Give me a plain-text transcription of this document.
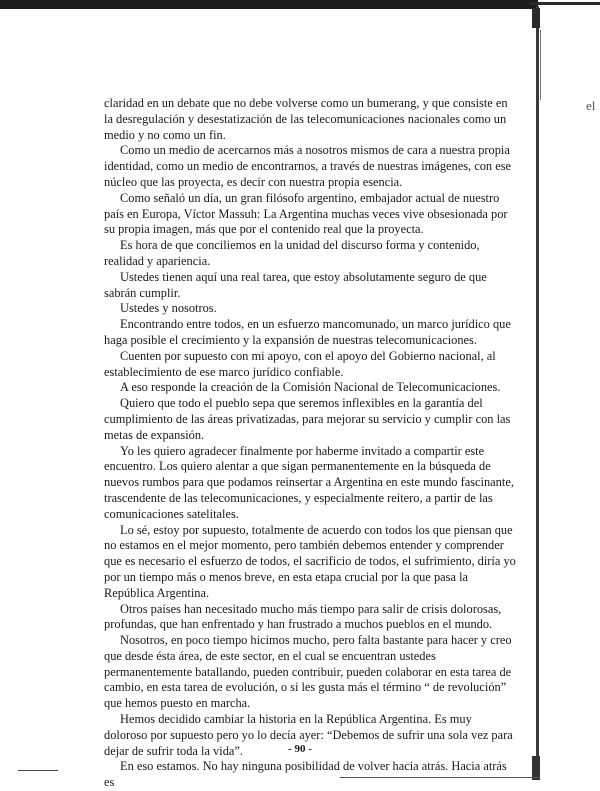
el

claridad en un debate que no debe volverse como un bumerang, y que consiste en la desregulación y desestatización de las telecomunicaciones nacionales como un medio y no como un fin.

Como un medio de acercarnos más a nosotros mismos de cara a nuestra propia identidad, como un medio de encontrarnos, a través de nuestras imágenes, con ese núcleo que las proyecta, es decir con nuestra propia esencia.

Como señaló un día, un gran filósofo argentino, embajador actual de nuestro país en Europa, Víctor Massuh: La Argentina muchas veces vive obsesionada por su propia imagen, más que por el contenido real que la proyecta.

Es hora de que conciliemos en la unidad del discurso forma y contenido, realidad y apariencia.

Ustedes tienen aquí una real tarea, que estoy absolutamente seguro de que sabrán cumplir.

Ustedes y nosotros.

Encontrando entre todos, en un esfuerzo mancomunado, un marco jurídico que haga posible el crecimiento y la expansión de nuestras telecomunicaciones.

Cuenten por supuesto con mi apoyo, con el apoyo del Gobierno nacional, al establecimiento de ese marco jurídico confiable.

A eso responde la creación de la Comisión Nacional de Telecomunicaciones.

Quiero que todo el pueblo sepa que seremos inflexibles en la garantía del cumplimiento de las áreas privatizadas, para mejorar su servicio y cumplir con las metas de expansión.

Yo les quiero agradecer finalmente por haberme invitado a compartir este encuentro. Los quiero alentar a que sigan permanentemente en la búsqueda de nuevos rumbos para que podamos reinsertar a Argentina en este mundo fascinante, trascendente de las telecomunicaciones, y especialmente reitero, a partir de las comunicaciones satelitales.

Lo sé, estoy por supuesto, totalmente de acuerdo con todos los que piensan que no estamos en el mejor momento, pero también debemos entender y comprender que es necesario el esfuerzo de todos, el sacrificio de todos, el sufrimiento, diría yo por un tiempo más o menos breve, en esta etapa crucial por la que pasa la República Argentina.

Otros países han necesitado mucho más tiempo para salir de crisis dolorosas, profundas, que han enfrentado y han frustrado a muchos pueblos en el mundo.

Nosotros, en poco tiempo hicimos mucho, pero falta bastante para hacer y creo que desde ésta área, de este sector, en el cual se encuentran ustedes permanentemente batallando, pueden contribuir, pueden colaborar en esta tarea de cambio, en esta tarea de evolución, o si les gusta más el término “ de revolución” que hemos puesto en marcha.

Hemos decidido cambiar la historia en la República Argentina. Es muy doloroso por supuesto pero yo lo decía ayer: “Debemos de sufrir una sola vez para dejar de sufrir toda la vida”.

En eso estamos. No hay ninguna posibilidad de volver hacia atrás. Hacia atrás es

- 90 -
